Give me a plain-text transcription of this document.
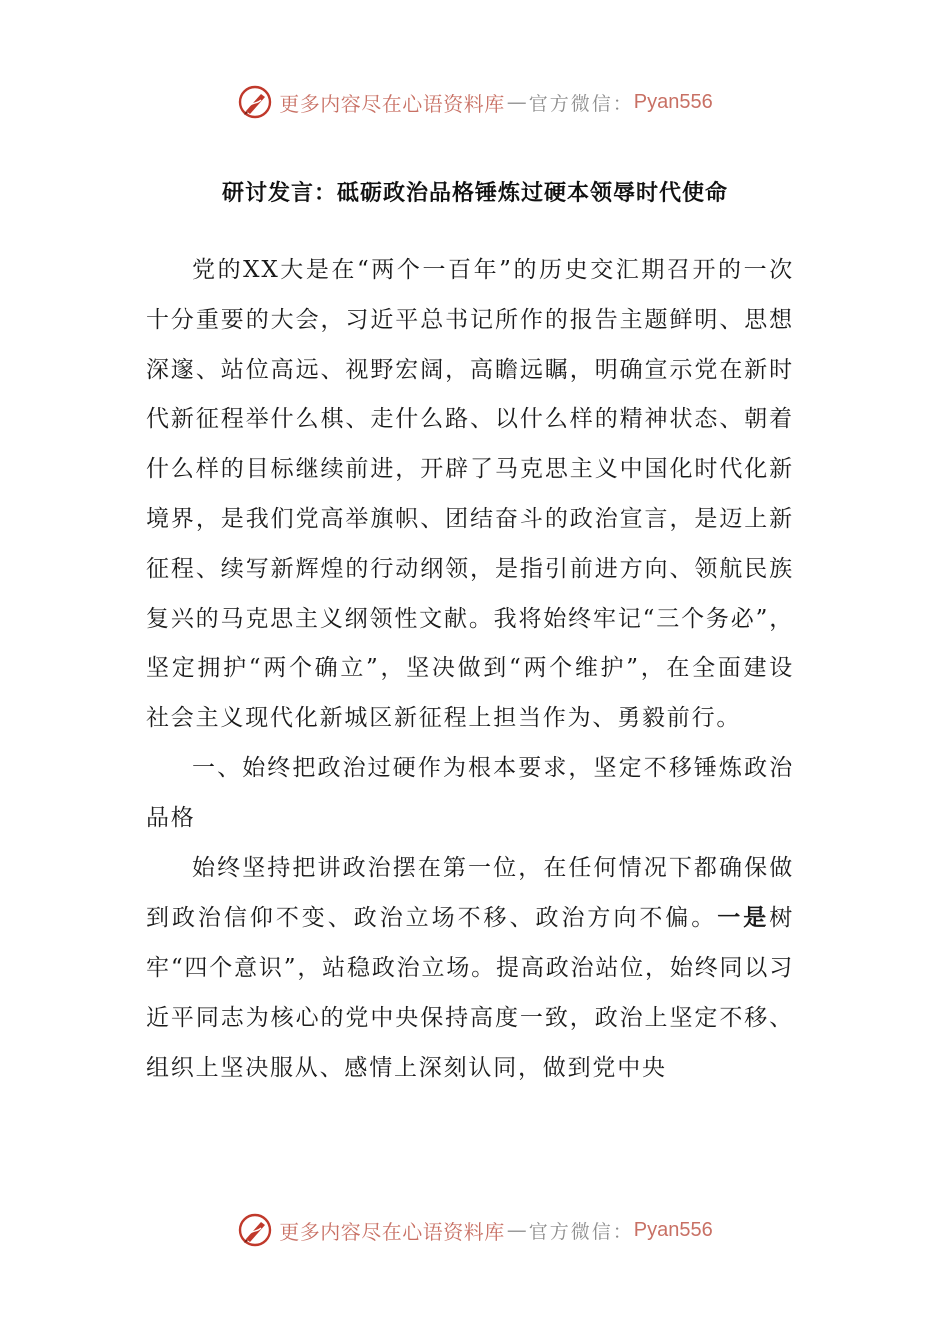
更多内容尽在心语资料库 — 官方微信： Pyan556
研讨发言：砥砺政治品格锤炼过硬本领辱时代使命

党的XX大是在“两个一百年”的历史交汇期召开的一次十分重要的大会，习近平总书记所作的报告主题鲜明、思想深邃、站位高远、视野宏阔，高瞻远瞩，明确宣示党在新时代新征程举什么棋、走什么路、以什么样的精神状态、朝着什么样的目标继续前进，开辟了马克思主义中国化时代化新境界，是我们党高举旗帜、团结奋斗的政治宣言，是迈上新征程、续写新辉煌的行动纲领，是指引前进方向、领航民族复兴的马克思主义纲领性文献。我将始终牢记“三个务必”，坚定拥护“两个确立”，坚决做到“两个维护”，在全面建设社会主义现代化新城区新征程上担当作为、勇毅前行。

一、始终把政治过硬作为根本要求，坚定不移锤炼政治品格

始终坚持把讲政治摆在第一位，在任何情况下都确保做到政治信仰不变、政治立场不移、政治方向不偏。一是树牢“四个意识”，站稳政治立场。提高政治站位，始终同以习近平同志为核心的党中央保持高度一致，政治上坚定不移、组织上坚决服从、感情上深刻认同，做到党中央

更多内容尽在心语资料库 — 官方微信： Pyan556
